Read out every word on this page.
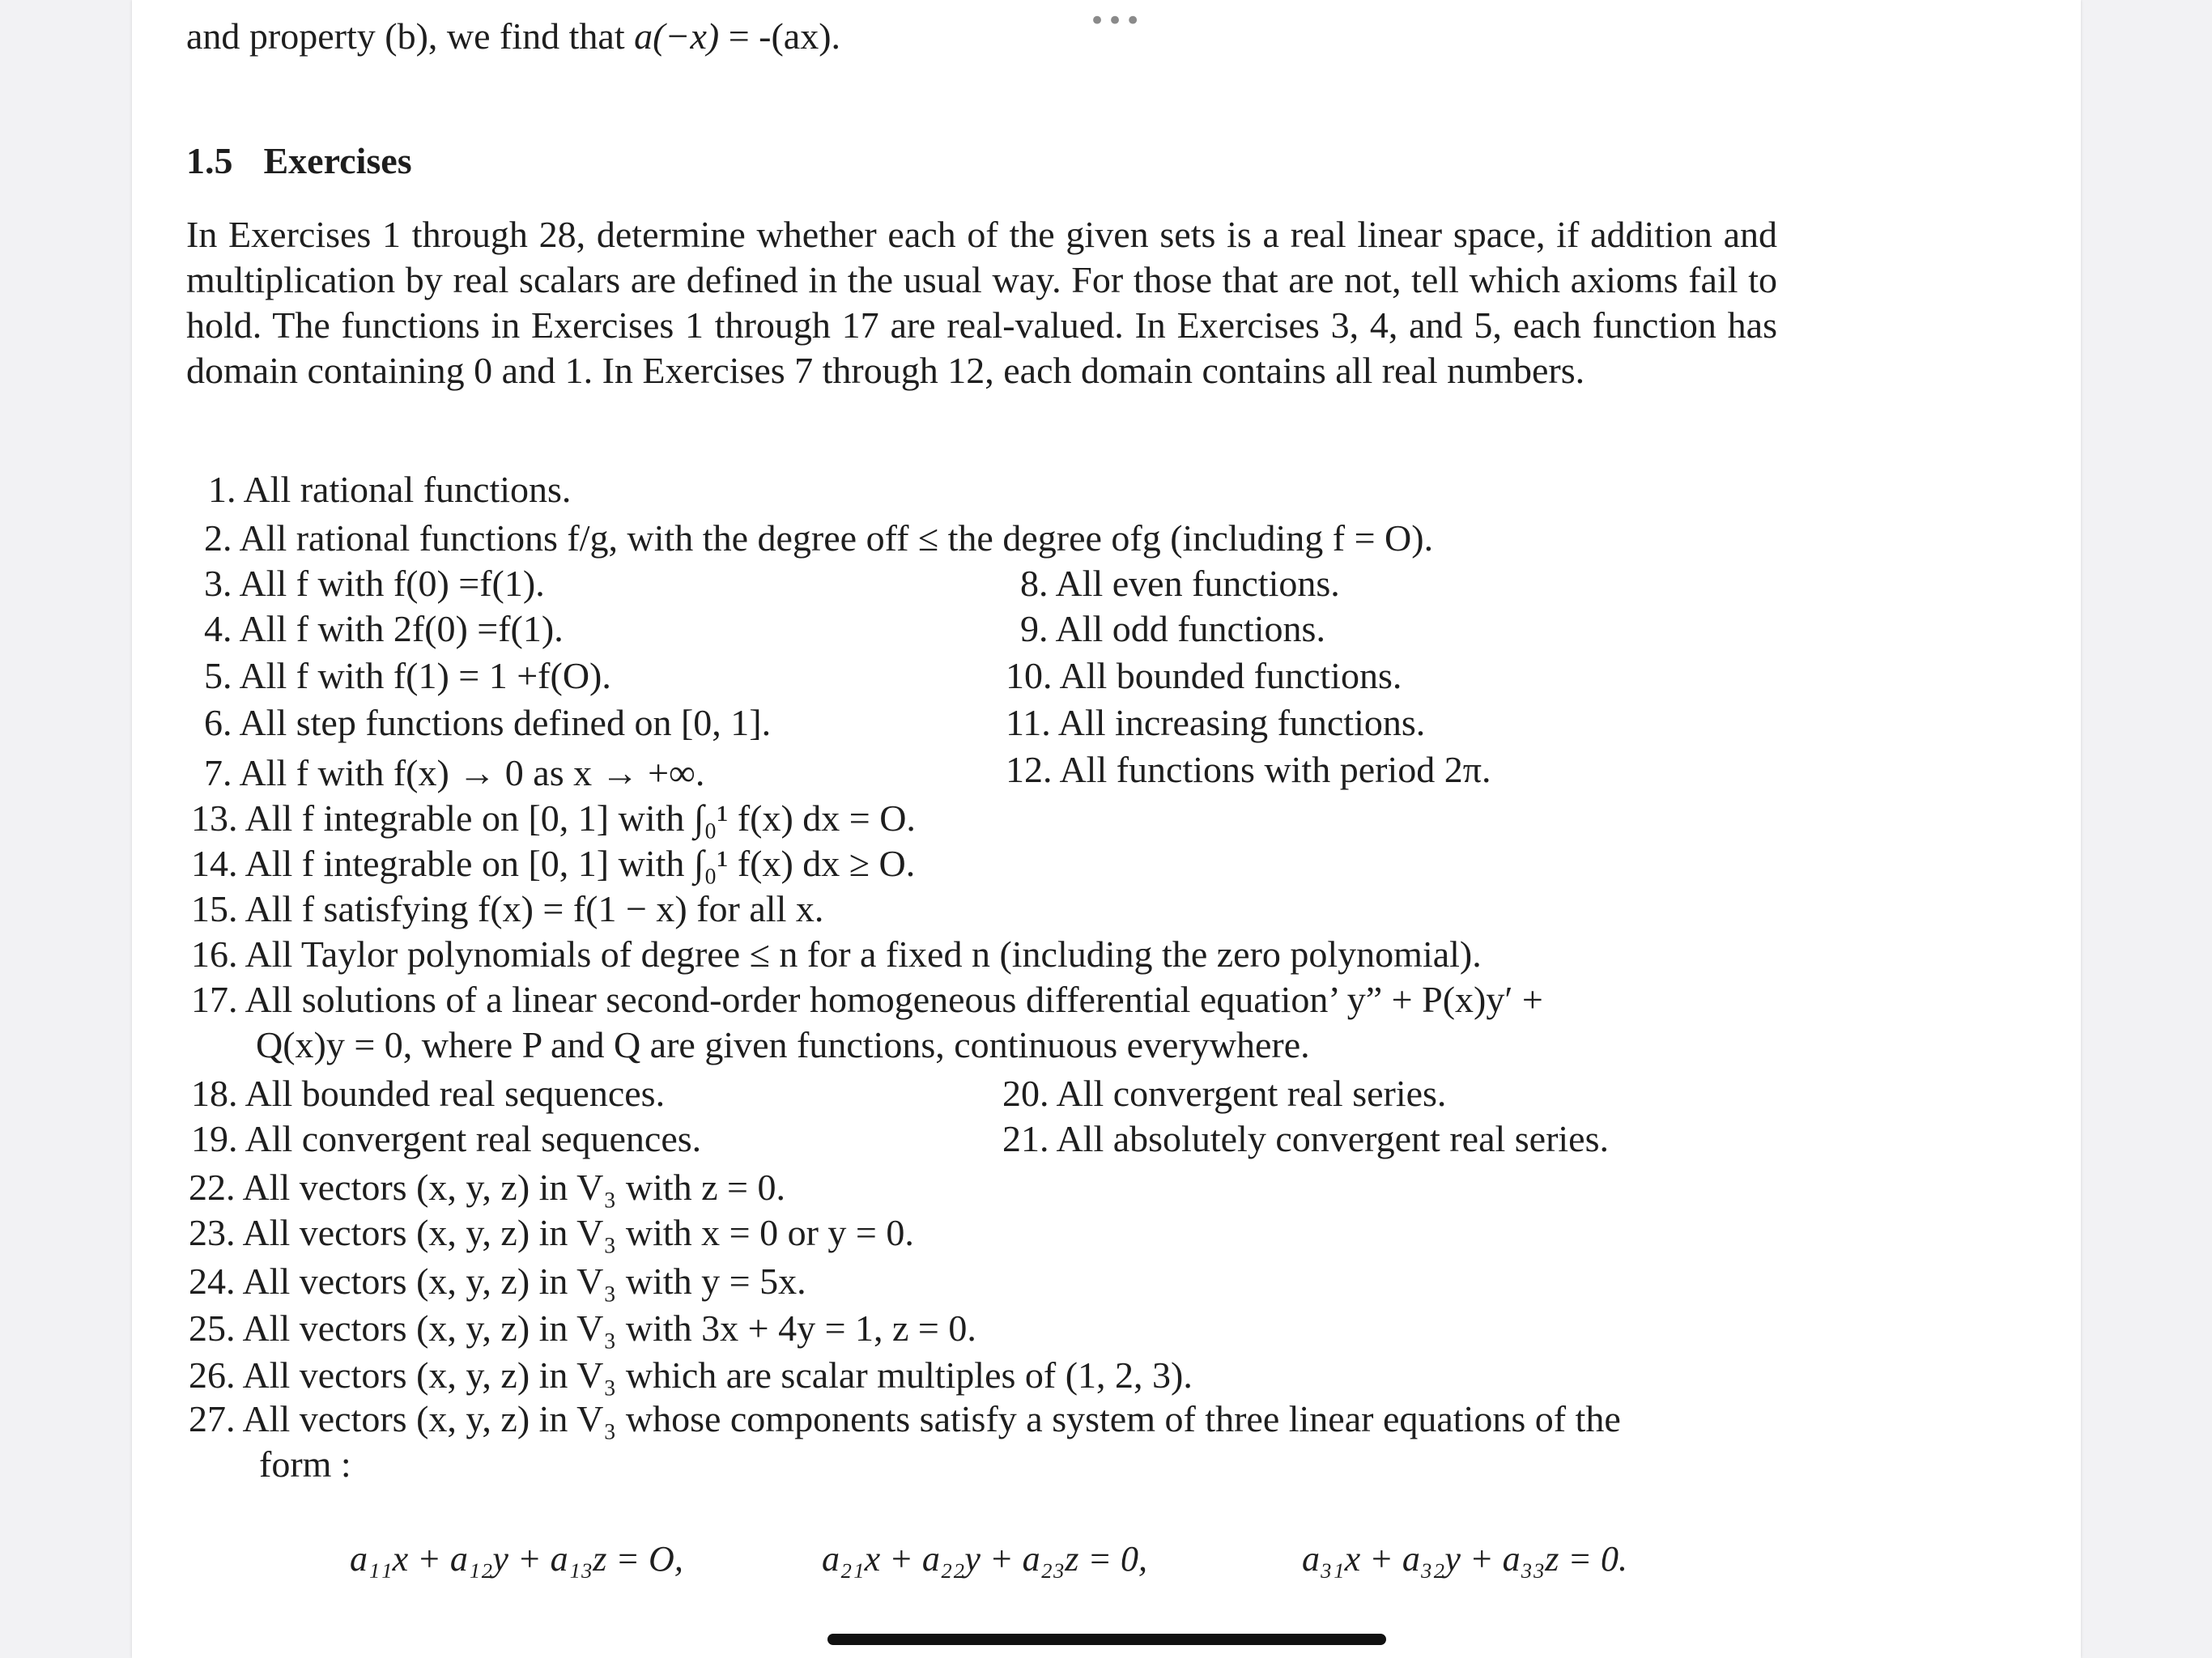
•••
and property (b), we find that a(−x) = -(ax).
1.5 Exercises
In Exercises 1 through 28, determine whether each of the given sets is a real linear space, if addition and multiplication by real scalars are defined in the usual way. For those that are not, tell which axioms fail to hold. The functions in Exercises 1 through 17 are real-valued. In Exercises 3, 4, and 5, each function has domain containing 0 and 1. In Exercises 7 through 12, each domain contains all real numbers.
1. All rational functions.
2. All rational functions f/g, with the degree off ≤ the degree ofg (including f = O).
3. All f with f(0) =f(1).
4. All f with 2f(0) =f(1).
5. All f with f(1) = 1 +f(O).
6. All step functions defined on [0, 1].
7. All f with f(x) → 0 as x → +∞.
8. All even functions.
9. All odd functions.
10. All bounded functions.
11. All increasing functions.
12. All functions with period 2π.
13. All f integrable on [0, 1] with ∫₀¹ f(x) dx = O.
14. All f integrable on [0, 1] with ∫₀¹ f(x) dx ≥ O.
15. All f satisfying f(x) = f(1 − x) for all x.
16. All Taylor polynomials of degree ≤ n for a fixed n (including the zero polynomial).
17. All solutions of a linear second-order homogeneous differential equation’ y” + P(x)y′ +
Q(x)y = 0, where P and Q are given functions, continuous everywhere.
18. All bounded real sequences.
19. All convergent real sequences.
20. All convergent real series.
21. All absolutely convergent real series.
22. All vectors (x, y, z) in V₃ with z = 0.
23. All vectors (x, y, z) in V₃ with x = 0 or y = 0.
24. All vectors (x, y, z) in V₃ with y = 5x.
25. All vectors (x, y, z) in V₃ with 3x + 4y = 1, z = 0.
26. All vectors (x, y, z) in V₃ which are scalar multiples of (1, 2, 3).
27. All vectors (x, y, z) in V₃ whose components satisfy a system of three linear equations of the
form :
a₁₁x + a₁₂y + a₁₃z = O,	a₂₁x + a₂₂y + a₂₃z = 0,	a₃₁x + a₃₂y + a₃₃z = 0.
